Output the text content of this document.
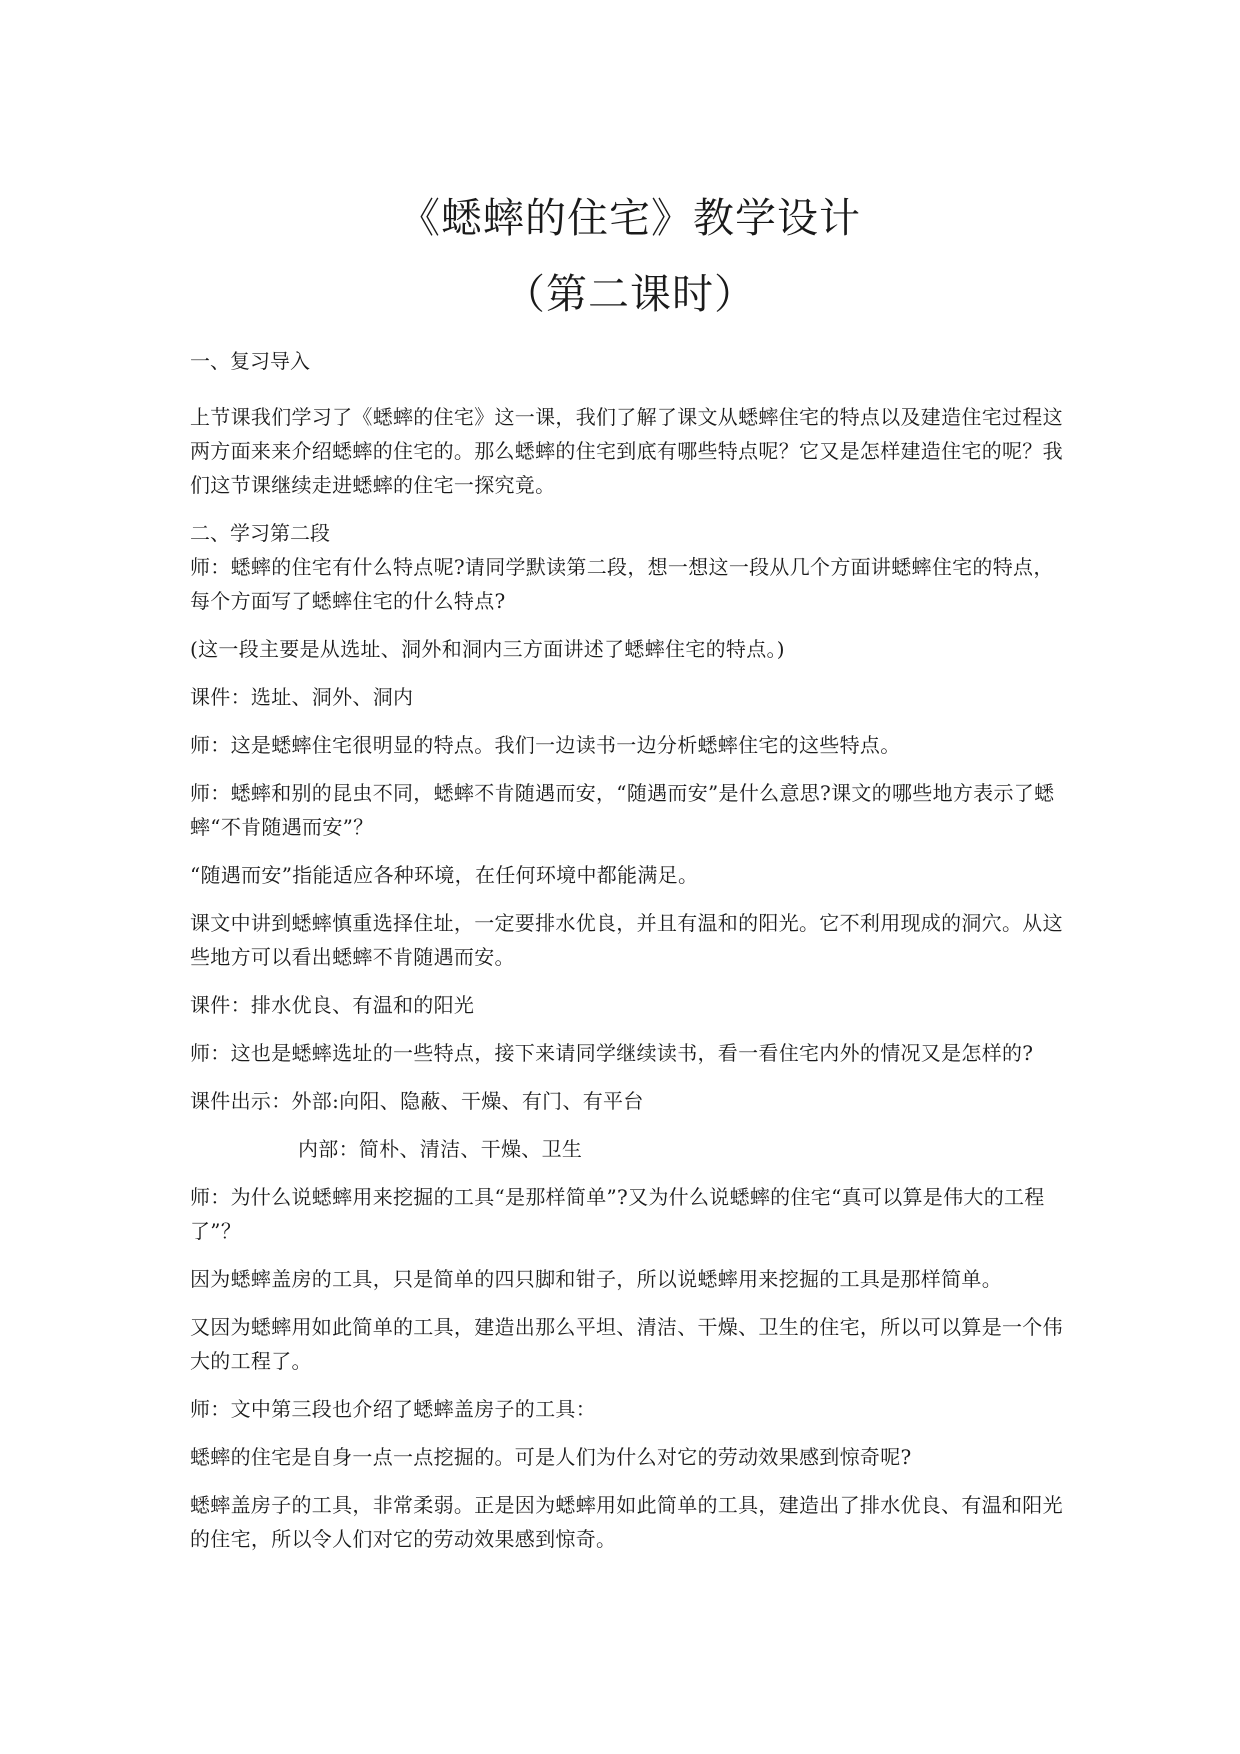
《蟋蟀的住宅》教学设计
（第二课时）
一、复习导入

上节课我们学习了《蟋蟀的住宅》这一课，我们了解了课文从蟋蟀住宅的特点以及建造住宅过程这两方面来来介绍蟋蟀的住宅的。那么蟋蟀的住宅到底有哪些特点呢？它又是怎样建造住宅的呢？我们这节课继续走进蟋蟀的住宅一探究竟。

二、学习第二段

师：蟋蟀的住宅有什么特点呢?请同学默读第二段，想一想这一段从几个方面讲蟋蟀住宅的特点，每个方面写了蟋蟀住宅的什么特点?

(这一段主要是从选址、洞外和洞内三方面讲述了蟋蟀住宅的特点。)

课件：选址、洞外、洞内

师：这是蟋蟀住宅很明显的特点。我们一边读书一边分析蟋蟀住宅的这些特点。

师：蟋蟀和别的昆虫不同，蟋蟀不肯随遇而安，“随遇而安”是什么意思?课文的哪些地方表示了蟋蟀“不肯随遇而安”？

“随遇而安”指能适应各种环境，在任何环境中都能满足。

课文中讲到蟋蟀慎重选择住址，一定要排水优良，并且有温和的阳光。它不利用现成的洞穴。从这些地方可以看出蟋蟀不肯随遇而安。

课件：排水优良、有温和的阳光

师：这也是蟋蟀选址的一些特点，接下来请同学继续读书，看一看住宅内外的情况又是怎样的?

课件出示：外部:向阳、隐蔽、干燥、有门、有平台

内部：简朴、清洁、干燥、卫生

师：为什么说蟋蟀用来挖掘的工具“是那样简单”?又为什么说蟋蟀的住宅“真可以算是伟大的工程了”？

因为蟋蟀盖房的工具，只是简单的四只脚和钳子，所以说蟋蟀用来挖掘的工具是那样简单。

又因为蟋蟀用如此简单的工具，建造出那么平坦、清洁、干燥、卫生的住宅，所以可以算是一个伟大的工程了。

师：文中第三段也介绍了蟋蟀盖房子的工具：

蟋蟀的住宅是自身一点一点挖掘的。可是人们为什么对它的劳动效果感到惊奇呢?

蟋蟀盖房子的工具，非常柔弱。正是因为蟋蟀用如此简单的工具，建造出了排水优良、有温和阳光的住宅，所以令人们对它的劳动效果感到惊奇。
